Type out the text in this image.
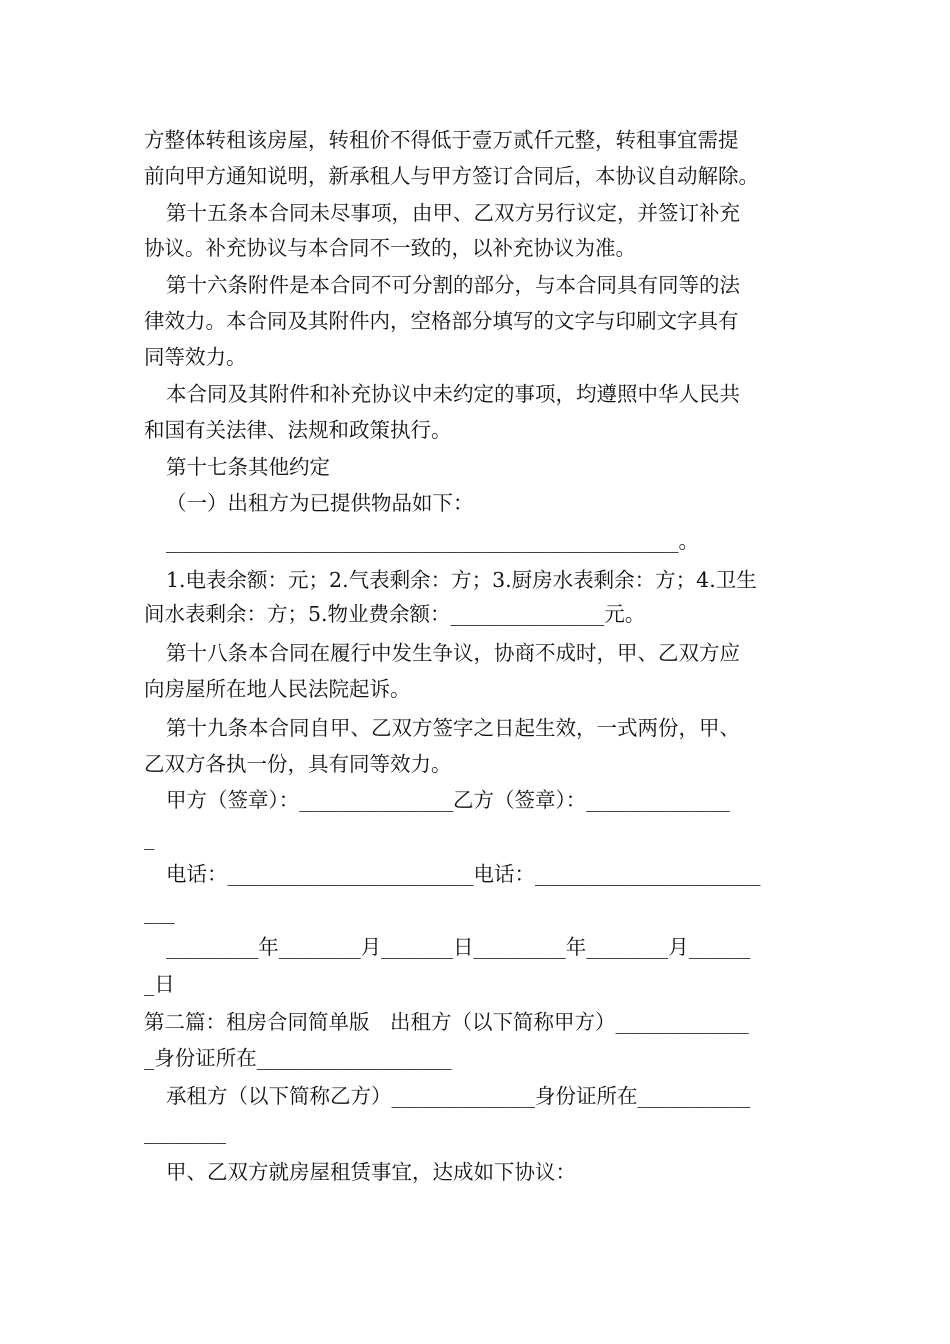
方整体转租该房屋，转租价不得低于壹万贰仟元整，转租事宜需提
前向甲方通知说明，新承租人与甲方签订合同后，本协议自动解除。
第十五条本合同未尽事项，由甲、乙双方另行议定，并签订补充
协议。补充协议与本合同不一致的，以补充协议为准。
第十六条附件是本合同不可分割的部分，与本合同具有同等的法
律效力。本合同及其附件内，空格部分填写的文字与印刷文字具有
同等效力。
本合同及其附件和补充协议中未约定的事项，均遵照中华人民共
和国有关法律、法规和政策执行。
第十七条其他约定
（一）出租方为已提供物品如下：
__________________________________________________。
1.电表余额：元；2.气表剩余：方；3.厨房水表剩余：方；4.卫生
间水表剩余：方；5.物业费余额：_______________元。
第十八条本合同在履行中发生争议，协商不成时，甲、乙双方应
向房屋所在地人民法院起诉。
第十九条本合同自甲、乙双方签字之日起生效，一式两份，甲、
乙双方各执一份，具有同等效力。
甲方（签章）：_______________乙方（签章）：______________
_
电话：________________________电话：______________________
___
_________年________月_______日_________年________月______
_日
第二篇：租房合同简单版　出租方（以下简称甲方）_____________
_身份证所在___________________
承租方（以下简称乙方）______________身份证所在___________
________
甲、乙双方就房屋租赁事宜，达成如下协议：
